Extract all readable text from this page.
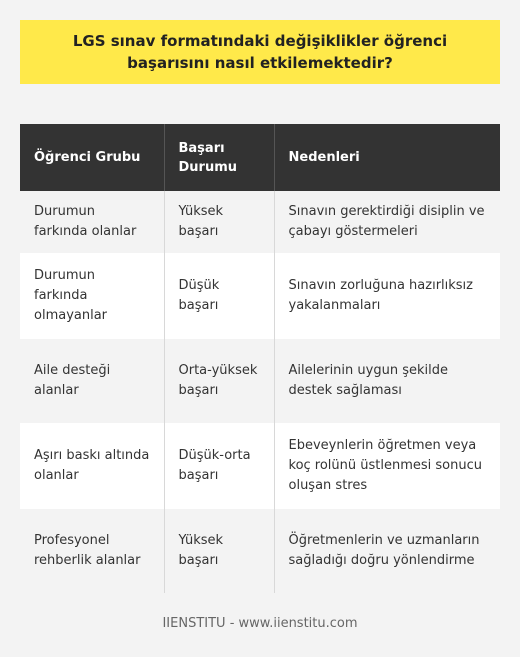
LGS sınav formatındaki değişiklikler öğrenci başarısını nasıl etkilemektedir?
Öğrenci Grubu	Başarı Durumu	Nedenleri
Durumun farkında olanlar	Yüksek başarı	Sınavın gerektirdiği disiplin ve çabayı göstermeleri
Durumun farkında olmayanlar	Düşük başarı	Sınavın zorluğuna hazırlıksız yakalanmaları
Aile desteği alanlar	Orta-yüksek başarı	Ailelerinin uygun şekilde destek sağlaması
Aşırı baskı altında olanlar	Düşük-orta başarı	Ebeveynlerin öğretmen veya koç rolünü üstlenmesi sonucu oluşan stres
Profesyonel rehberlik alanlar	Yüksek başarı	Öğretmenlerin ve uzmanların sağladığı doğru yönlendirme
IIENSTITU - www.iienstitu.com
